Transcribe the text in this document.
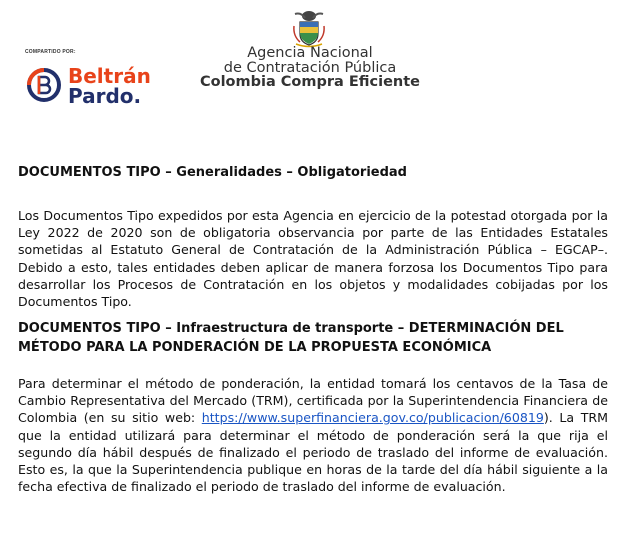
COMPARTIDO POR:
Beltrán
Pardo.
Agencia Nacional
de Contratación Pública
Colombia Compra Eficiente
DOCUMENTOS TIPO – Generalidades – Obligatoriedad
Los Documentos Tipo expedidos por esta Agencia en ejercicio de la potestad otorgada por la Ley 2022 de 2020 son de obligatoria observancia por parte de las Entidades Estatales sometidas al Estatuto General de Contratación de la Administración Pública – EGCAP–. Debido a esto, tales entidades deben aplicar de manera forzosa los Documentos Tipo para desarrollar los Procesos de Contratación en los objetos y modalidades cobijadas por los Documentos Tipo.
DOCUMENTOS TIPO – Infraestructura de transporte – DETERMINACIÓN DEL MÉTODO PARA LA PONDERACIÓN DE LA PROPUESTA ECONÓMICA
Para determinar el método de ponderación, la entidad tomará los centavos de la Tasa de Cambio Representativa del Mercado (TRM), certificada por la Superintendencia Financiera de Colombia (en su sitio web: https://www.superfinanciera.gov.co/publicacion/60819). La TRM que la entidad utilizará para determinar el método de ponderación será la que rija el segundo día hábil después de finalizado el periodo de traslado del informe de evaluación. Esto es, la que la Superintendencia publique en horas de la tarde del día hábil siguiente a la fecha efectiva de finalizado el periodo de traslado del informe de evaluación.
